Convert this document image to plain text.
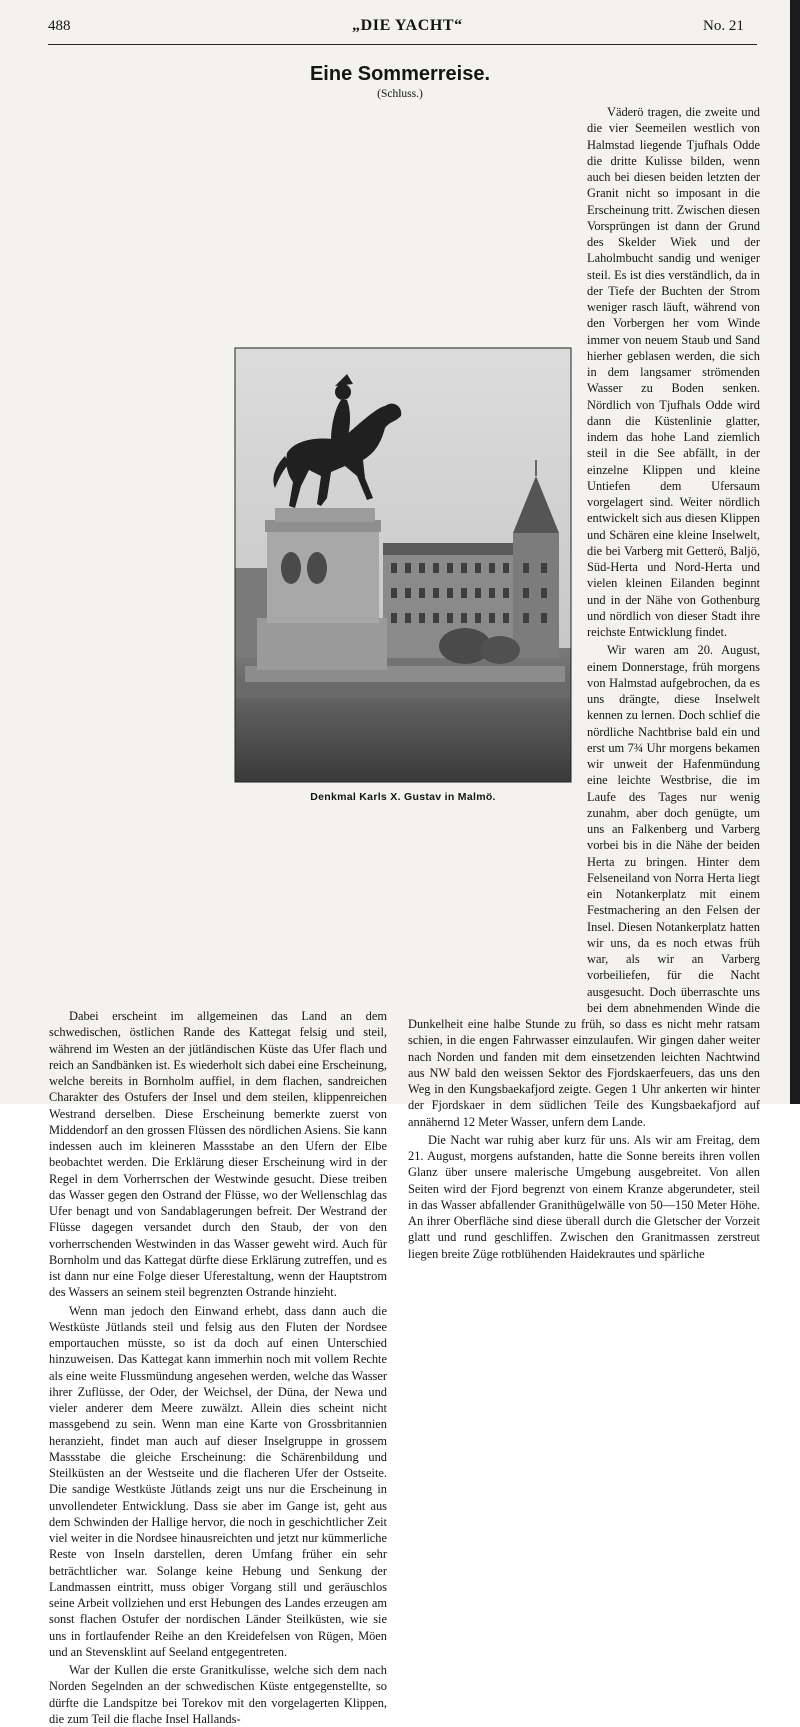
488	„DIE YACHT“	No. 21
Eine Sommerreise.
(Schluss.)

Dabei erscheint im allgemeinen das Land an dem schwedischen, östlichen Rande des Kattegat felsig und steil, während im Westen an der jütländischen Küste das Ufer flach und reich an Sandbänken ist. Es wiederholt sich dabei eine Erscheinung, welche bereits in Bornholm auffiel, in dem flachen, sandreichen Charakter des Ostufers der Insel und dem steilen, klippenreichen Westrand derselben. Diese Erscheinung bemerkte zuerst von Middendorf an den grossen Flüssen des nördlichen Asiens. Sie kann indessen auch im kleineren Massstabe an den Ufern der Elbe beobachtet werden. Die Erklärung dieser Erscheinung wird in der Regel in dem Vorherrschen der Westwinde gesucht. Diese treiben das Wasser gegen den Ostrand der Flüsse, wo der Wellenschlag das Ufer benagt und von Sandablagerungen befreit. Der Westrand der Flüsse dagegen versandet durch den Staub, der von den vorherrschenden Westwinden in das Wasser geweht wird. Auch für Bornholm und das Kattegat dürfte diese Erklärung zutreffen, und es ist dann nur eine Folge dieser Uferestaltung, wenn der Hauptstrom des Wassers an seinem steil begrenzten Ostrande hinzieht.

Wenn man jedoch den Einwand erhebt, dass dann auch die Westküste Jütlands steil und felsig aus den Fluten der Nordsee emportauchen müsste, so ist da doch auf einen Unterschied hinzuweisen. Das Kattegat kann immerhin noch mit vollem Rechte als eine weite Flussmündung angesehen werden, welche das Wasser ihrer Zuflüsse, der Oder, der Weichsel, der Düna, der Newa und vieler anderer dem Meere zuwälzt. Allein dies scheint nicht massgebend zu sein. Wenn man eine Karte von Grossbritannien heranzieht, findet man auch auf dieser Inselgruppe in grossem Massstabe die gleiche Erscheinung: die Schärenbildung und Steilküsten an der Westseite und die flacheren Ufer der Ostseite. Die sandige Westküste Jütlands zeigt uns nur die Erscheinung in unvollendeter Entwicklung. Dass sie aber im Gange ist, geht aus dem Schwinden der Hallige hervor, die noch in geschichtlicher Zeit viel weiter in die Nordsee hinausreichten und jetzt nur kümmerliche Reste von Inseln darstellen, deren Umfang früher ein sehr beträchtlicher war. Solange keine Hebung und Senkung der Landmassen eintritt, muss obiger Vorgang still und geräuschlos seine Arbeit vollziehen und erst Hebungen des Landes erzeugen am sonst flachen Ostufer der nordischen Länder Steilküsten, wie sie uns in fortlaufender Reihe an den Kreidefelsen von Rügen, Möen und an Stevensklint auf Seeland entgegentreten.

War der Kullen die erste Granitkulisse, welche sich dem nach Norden Segelnden an der schwedischen Küste entgegenstellte, so dürfte die Landspitze bei Torekov mit den vorgelagerten Klippen, die zum Teil die flache Insel Hallands-

Väderö tragen, die zweite und die vier Seemeilen westlich von Halmstad liegende Tjufhals Odde die dritte Kulisse bilden, wenn auch bei diesen beiden letzten der Granit nicht so imposant in die Erscheinung tritt. Zwischen diesen Vorsprüngen ist dann der Grund des Skelder Wiek und der Laholmbucht sandig und weniger steil. Es ist dies verständlich, da in der Tiefe der Buchten der Strom weniger rasch läuft, während von den Vorbergen her vom Winde immer von neuem Staub und Sand hierher geblasen werden, die sich in dem langsamer strömenden Wasser zu Boden senken. Nördlich von Tjufhals Odde wird dann die Küstenlinie glatter, indem das hohe Land ziemlich steil in die See abfällt, in der einzelne Klippen und kleine Untiefen dem Ufersaum vorgelagert sind. Weiter nördlich entwickelt sich aus diesen Klippen und Schären eine kleine Inselwelt, die bei Varberg mit Getterö, Baljö, Süd-Herta und Nord-Herta und vielen kleinen Eilanden beginnt und in der Nähe von Gothenburg und nördlich von dieser Stadt ihre reichste Entwicklung findet.

Wir waren am 20. August, einem Donnerstage, früh morgens von Halmstad aufgebrochen, da es uns drängte, diese Inselwelt kennen zu lernen. Doch schlief die nördliche Nachtbrise bald ein und erst um 7¾ Uhr morgens bekamen wir unweit der Hafenmündung eine leichte Westbrise, die im Laufe des Tages nur wenig zunahm, aber doch genügte, um uns an Falkenberg und Varberg vorbei bis in die Nähe der beiden Herta zu bringen. Hinter dem Felseneiland von Norra Herta liegt ein Notankerplatz mit einem Festmachering an den Felsen der Insel. Diesen Notankerplatz hatten wir uns, da es noch etwas früh war, als wir an Varberg vorbeiliefen, für die Nacht ausgesucht. Doch überraschte uns bei dem abnehmenden Winde die Dunkelheit eine halbe Stunde zu früh, so dass es nicht mehr ratsam schien, in die engen Fahrwasser einzulaufen. Wir gingen daher weiter nach Norden und fanden mit dem einsetzenden leichten Nachtwind aus NW bald den weissen Sektor des Fjordskaerfeuers, das uns den Weg in den Kungsbaekafjord zeigte. Gegen 1 Uhr ankerten wir hinter der Fjordskaer in dem südlichen Teile des Kungsbaekafjord auf annähernd 12 Meter Wasser, unfern dem Lande.

Die Nacht war ruhig aber kurz für uns. Als wir am Freitag, dem 21. August, morgens aufstanden, hatte die Sonne bereits ihren vollen Glanz über unsere malerische Umgebung ausgebreitet. Von allen Seiten wird der Fjord begrenzt von einem Kranze abgerundeter, steil in das Wasser abfallender Granithügelwälle von 50—150 Meter Höhe. An ihrer Oberfläche sind diese überall durch die Gletscher der Vorzeit glatt und rund geschliffen. Zwischen den Granitmassen zerstreut liegen breite Züge rotblühenden Haidekrautes und spärliche

Denkmal Karls X. Gustav in Malmö.
